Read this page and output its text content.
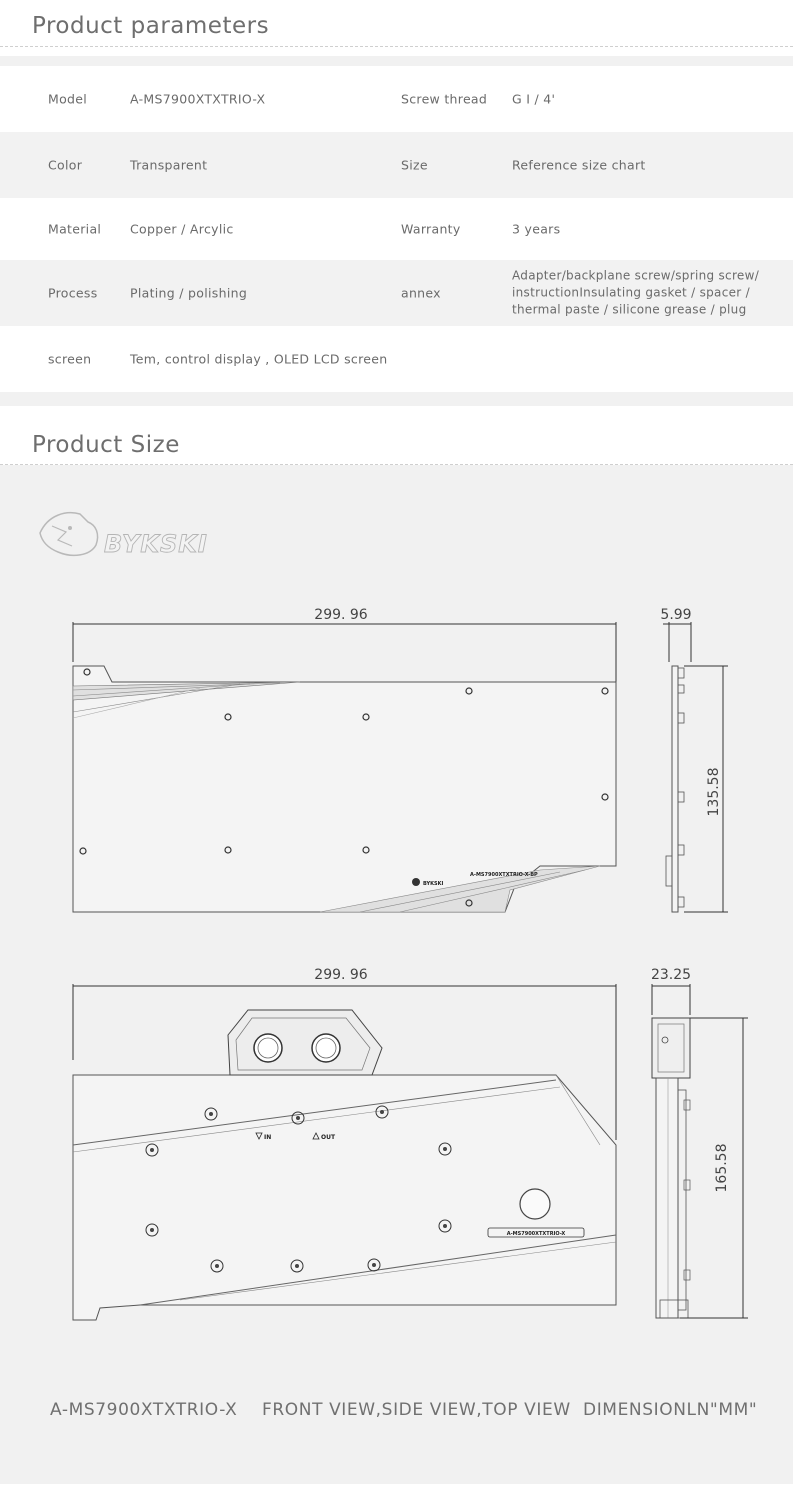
Product parameters
Model	A-MS7900XTXTRIO-X	Screw thread G I / 4'
Color	Transparent	Size	Reference size chart
Material Copper / Arcylic	Warranty	3 years
Process	Plating / polishing	annex
Adapter/backplane screw/spring screw/ instructionInsulating gasket / spacer / thermal paste / silicone grease / plug
screen	Tem, control display , OLED LCD screen
Product Size
BYKSKI
299. 96
BYKSKI
A-MS7900XTXTRIO-X-BP
5.99
135.58
299. 96
IN	OUT
A-MS7900XTXTRIO-X
23.25
165.58
A-MS7900XTXTRIO-X FRONT VIEW,SIDE VIEW,TOP VIEW DIMENSIONLN"MM"
